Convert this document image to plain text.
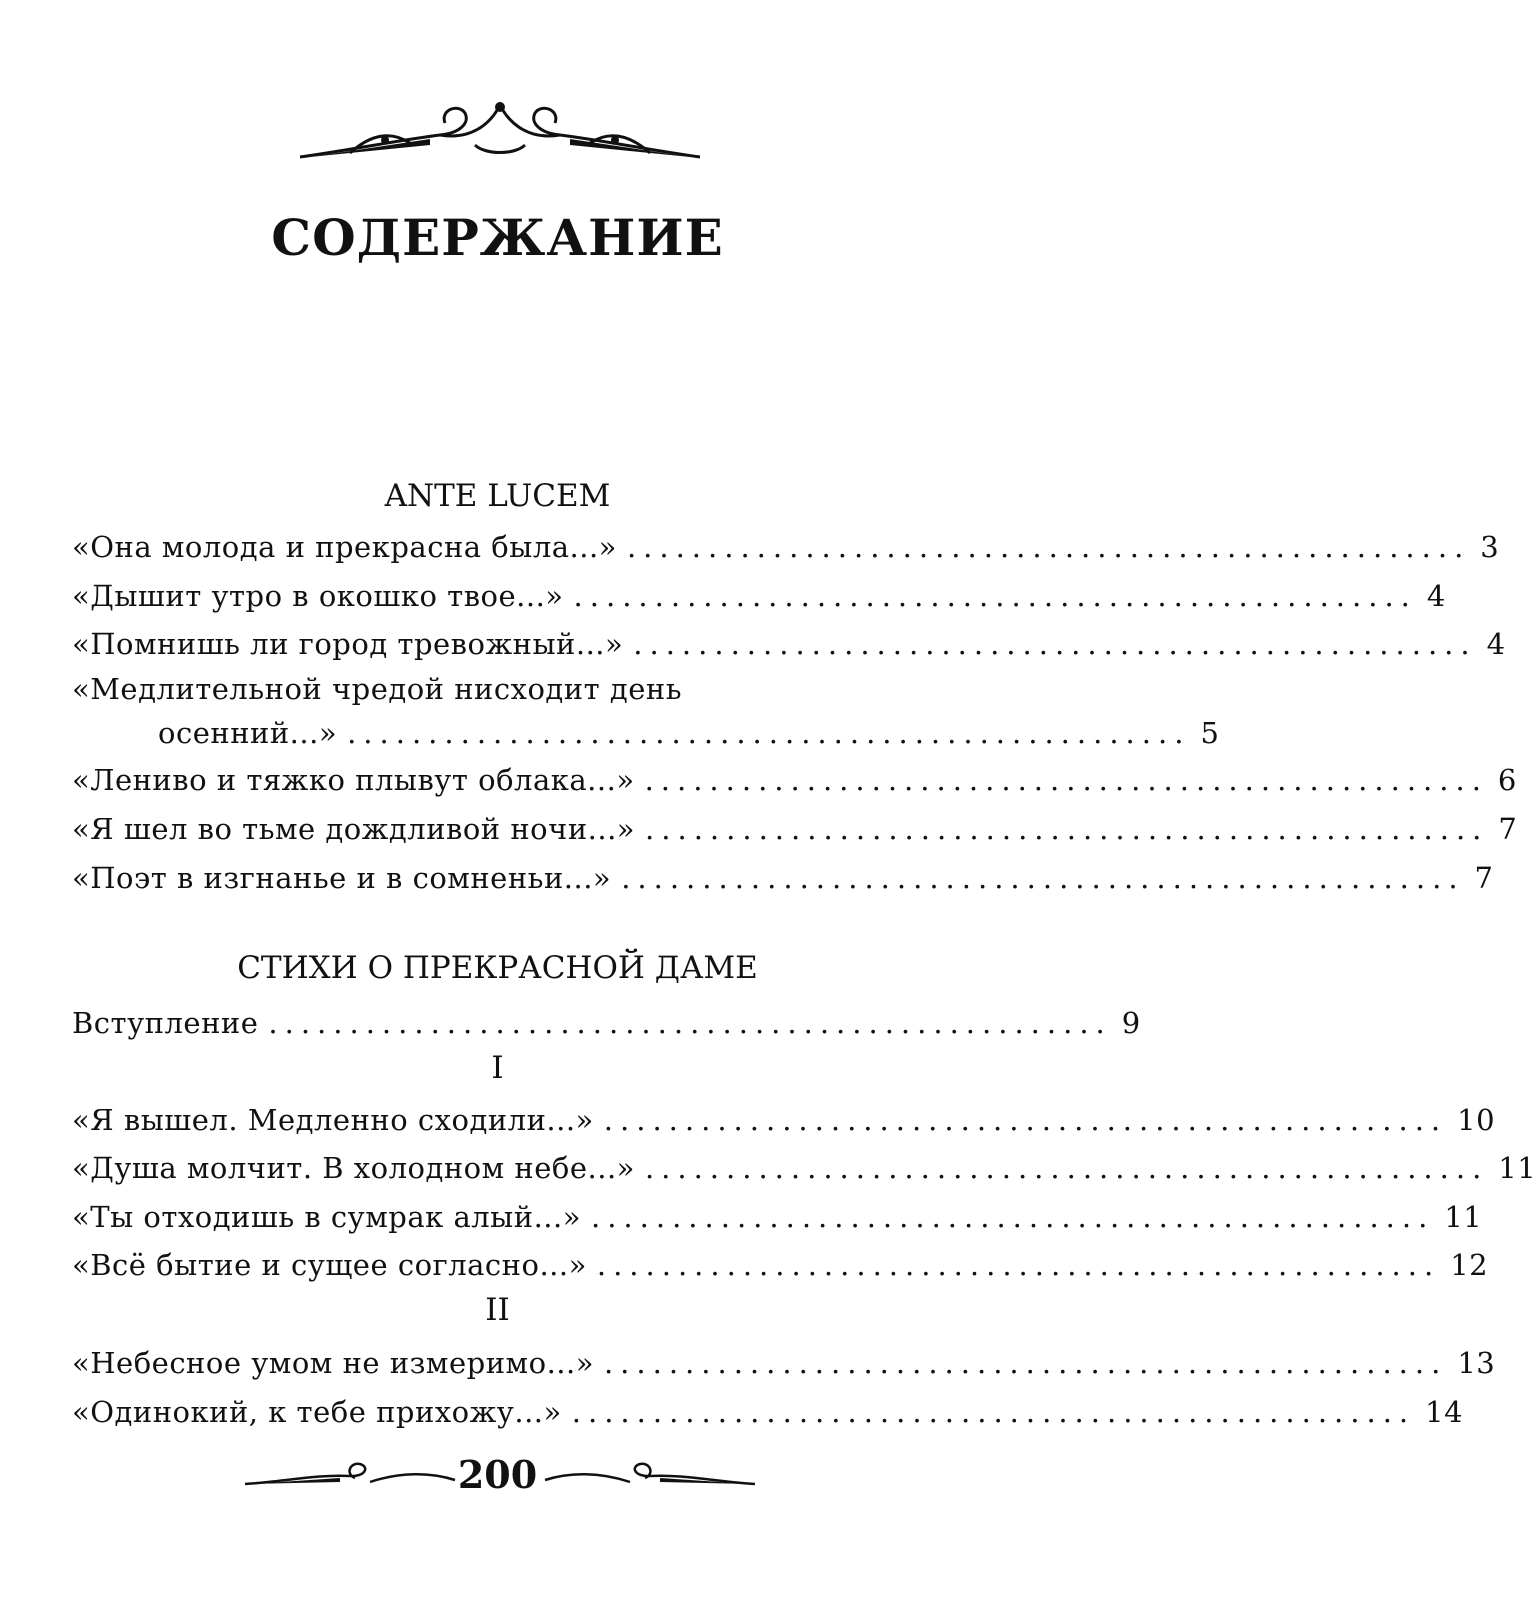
СОДЕРЖАНИЕ
ANTE LUCEM
«Она молода и прекрасна была...» .................................................... 3
«Дышит утро в окошко твое...» .................................................... 4
«Помнишь ли город тревожный...» .................................................... 4
«Медлительной чредой нисходит день
осенний...» .................................................... 5
«Лениво и тяжко плывут облака...» .................................................... 6
«Я шел во тьме дождливой ночи...» .................................................... 7
«Поэт в изгнанье и в сомненьи...» .................................................... 7
СТИХИ О ПРЕКРАСНОЙ ДАМЕ
Вступление .................................................... 9
I
«Я вышел. Медленно сходили...» .................................................... 10
«Душа молчит. В холодном небе...» .................................................... 11
«Ты отходишь в сумрак алый...» .................................................... 11
«Всё бытие и сущее согласно...» .................................................... 12
II
«Небесное умом не измеримо...» .................................................... 13
«Одинокий, к тебе прихожу...» .................................................... 14
200
